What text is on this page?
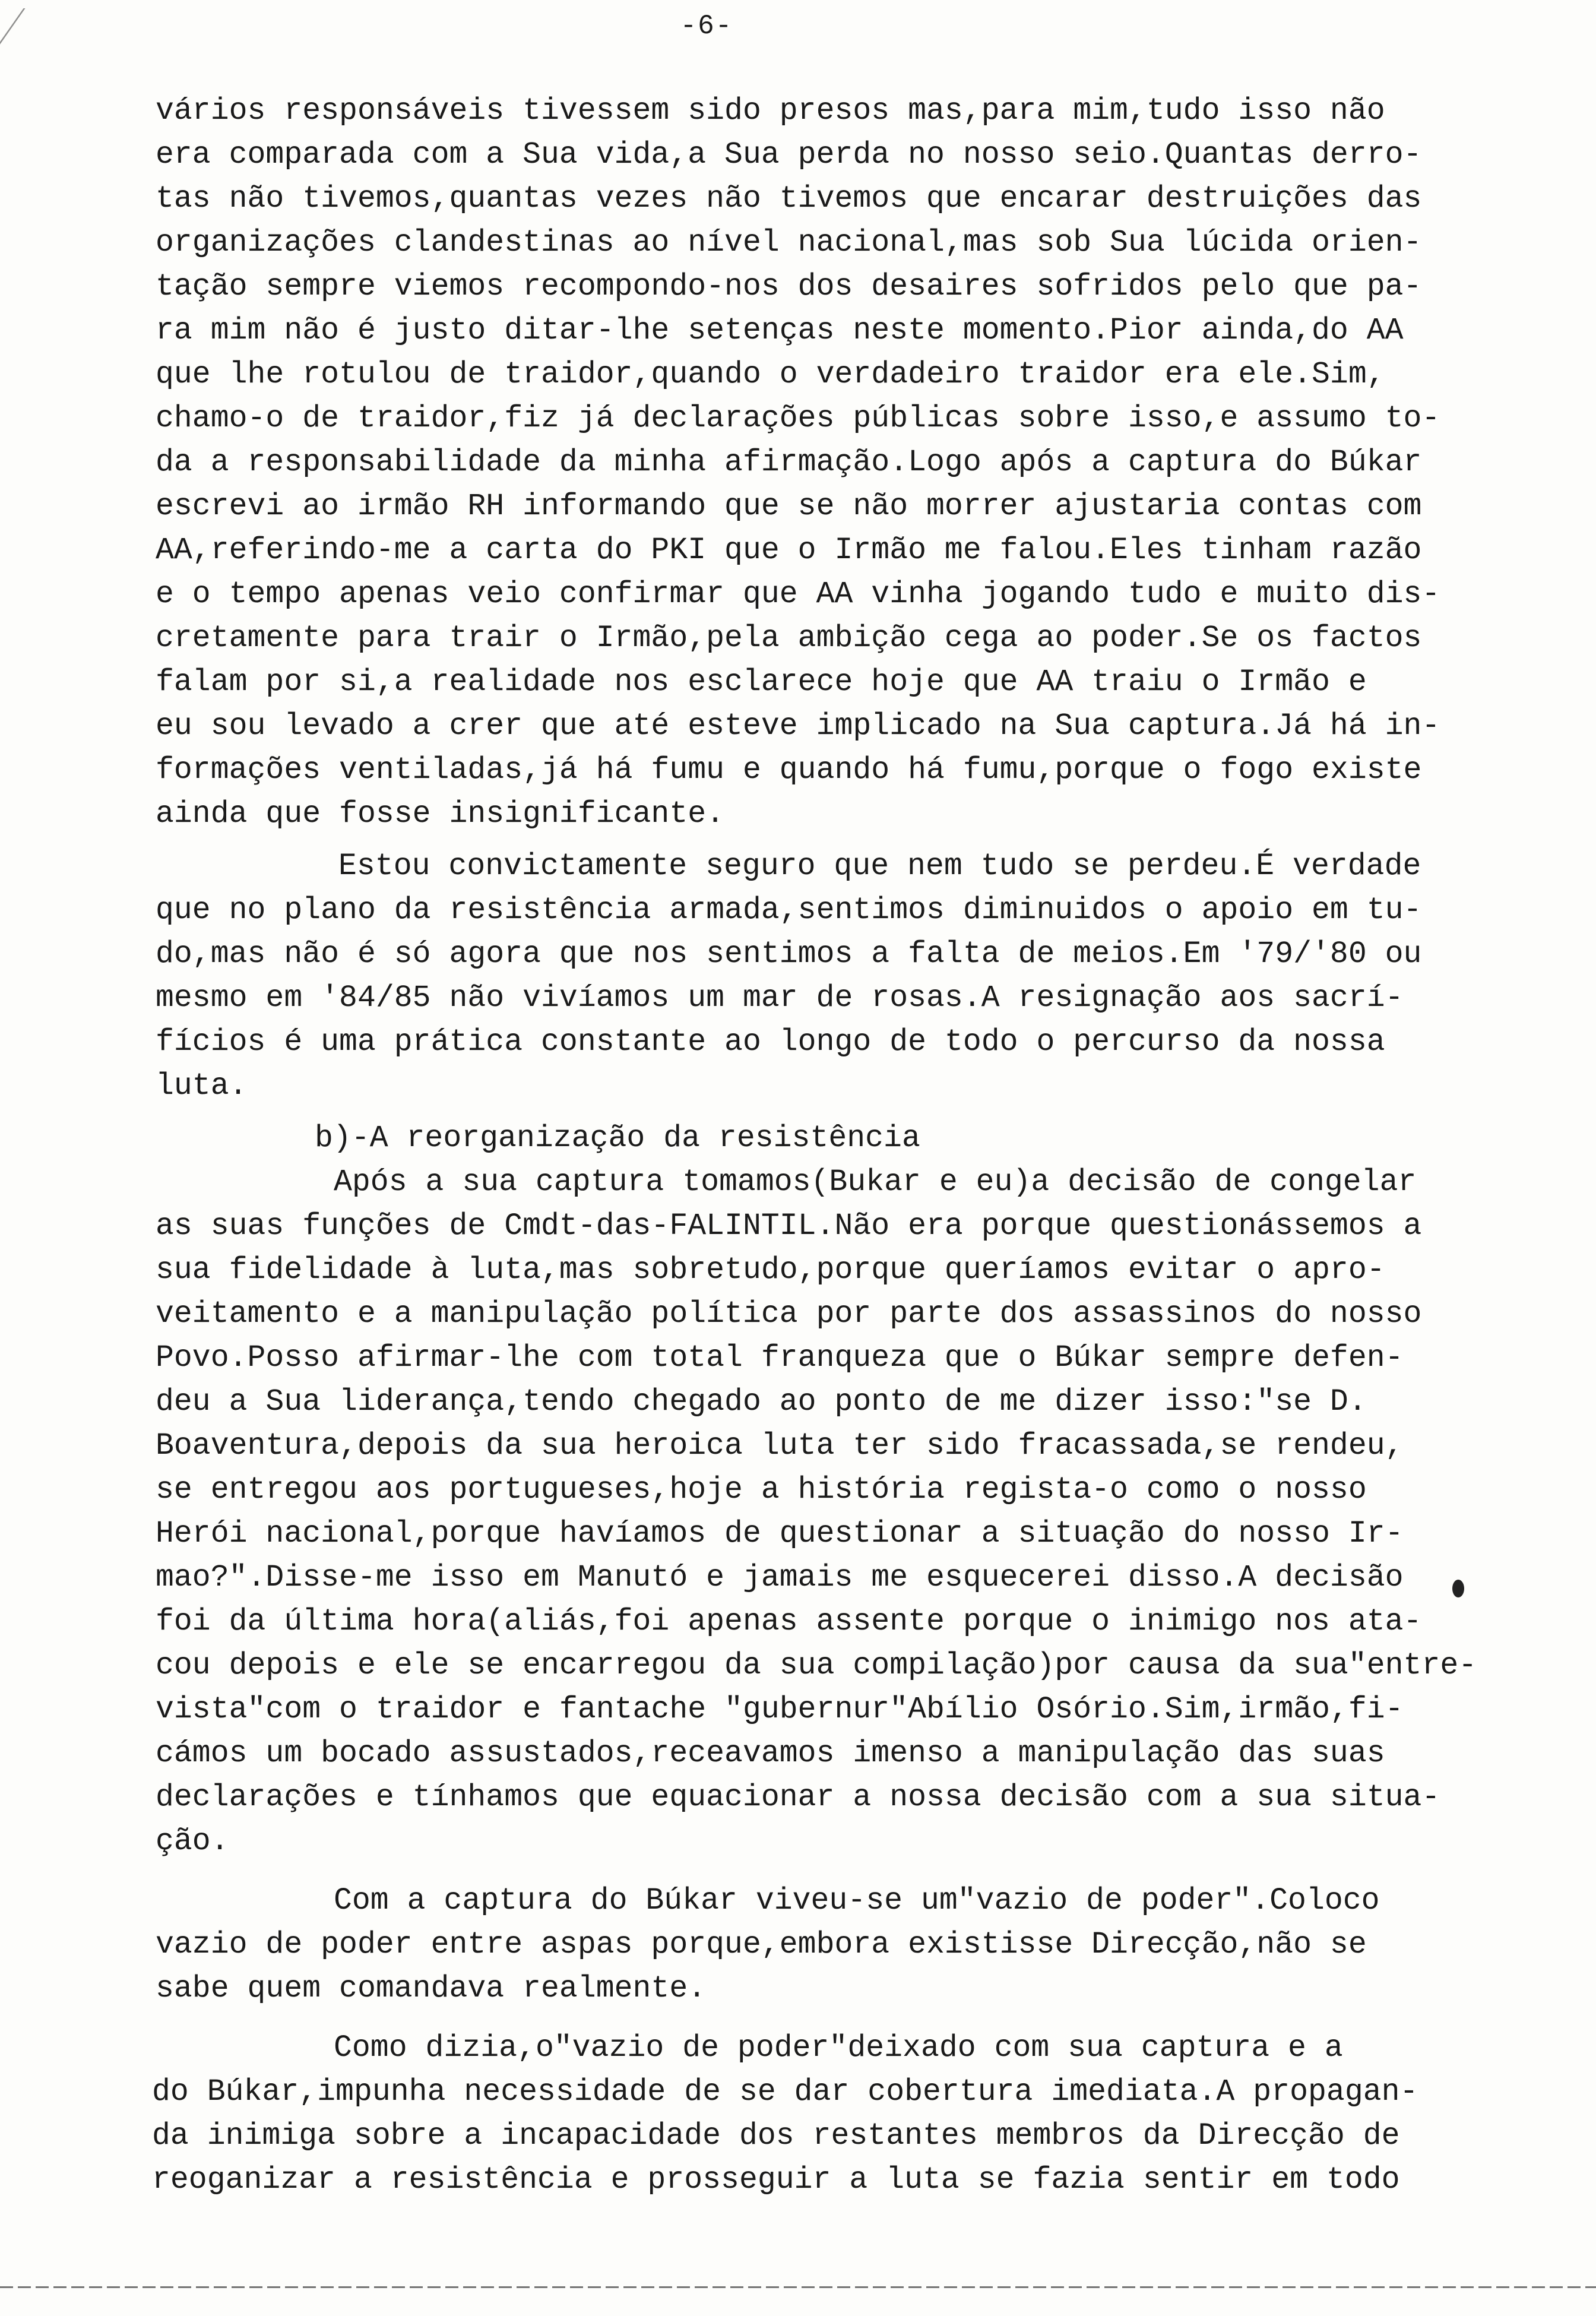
-6-
vários responsáveis tivessem sido presos mas,para mim,tudo isso não
era comparada com a Sua vida,a Sua perda no nosso seio.Quantas derro-
tas não tivemos,quantas vezes não tivemos que encarar destruições das
organizações clandestinas ao nível nacional,mas sob Sua lúcida orien-
tação sempre viemos recompondo-nos dos desaires sofridos pelo que pa-
ra mim não é justo ditar-lhe setenças neste momento.Pior ainda,do AA
que lhe rotulou de traidor,quando o verdadeiro traidor era ele.Sim,
chamo-o de traidor,fiz já declarações públicas sobre isso,e assumo to-
da a responsabilidade da minha afirmação.Logo após a captura do Búkar
escrevi ao irmão RH informando que se não morrer ajustaria contas com
AA,referindo-me a carta do PKI que o Irmão me falou.Eles tinham razão
e o tempo apenas veio confirmar que AA vinha jogando tudo e muito dis-
cretamente para trair o Irmão,pela ambição cega ao poder.Se os factos
falam por si,a realidade nos esclarece hoje que AA traiu o Irmão e
eu sou levado a crer que até esteve implicado na Sua captura.Já há in-
formações ventiladas,já há fumu e quando há fumu,porque o fogo existe
ainda que fosse insignificante.
Estou convictamente seguro que nem tudo se perdeu.É verdade
que no plano da resistência armada,sentimos diminuidos o apoio em tu-
do,mas não é só agora que nos sentimos a falta de meios.Em '79/'80 ou
mesmo em '84/85 não vivíamos um mar de rosas.A resignação aos sacrí-
fícios é uma prática constante ao longo de todo o percurso da nossa
luta.
b)-A reorganização da resistência
Após a sua captura tomamos(Bukar e eu)a decisão de congelar
as suas funções de Cmdt-das-FALINTIL.Não era porque questionássemos a
sua fidelidade à luta,mas sobretudo,porque queríamos evitar o apro-
veitamento e a manipulação política por parte dos assassinos do nosso
Povo.Posso afirmar-lhe com total franqueza que o Búkar sempre defen-
deu a Sua liderança,tendo chegado ao ponto de me dizer isso:"se D.
Boaventura,depois da sua heroica luta ter sido fracassada,se rendeu,
se entregou aos portugueses,hoje a história regista-o como o nosso
Herói nacional,porque havíamos de questionar a situação do nosso Ir-
mao?".Disse-me isso em Manutó e jamais me esquecerei disso.A decisão
foi da última hora(aliás,foi apenas assente porque o inimigo nos ata-
cou depois e ele se encarregou da sua compilação)por causa da sua"entre-
vista"com o traidor e fantache "gubernur"Abílio Osório.Sim,irmão,fi-
cámos um bocado assustados,receavamos imenso a manipulação das suas
declarações e tínhamos que equacionar a nossa decisão com a sua situa-
ção.
Com a captura do Búkar viveu-se um"vazio de poder".Coloco
vazio de poder entre aspas porque,embora existisse Direcção,não se
sabe quem comandava realmente.
Como dizia,o"vazio de poder"deixado com sua captura e a
do Búkar,impunha necessidade de se dar cobertura imediata.A propagan-
da inimiga sobre a incapacidade dos restantes membros da Direcção de
reoganizar a resistência e prosseguir a luta se fazia sentir em todo
